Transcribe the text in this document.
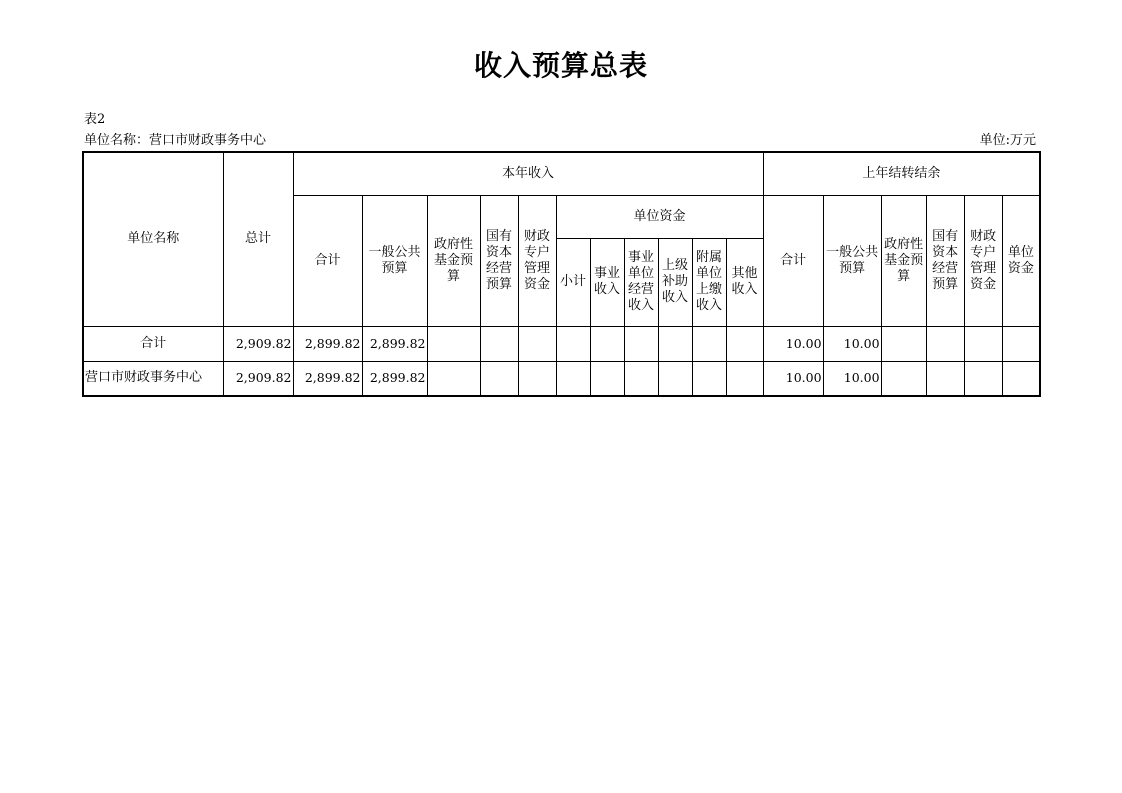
收入预算总表
表2
单位名称：营口市财政事务中心	单位:万元
单位名称	总计	本年收入											上年结转结余					
		合计	一般公共预算	政府性基金预算	国有资本经营预算	财政专户管理资金	单位资金						合计	一般公共预算	政府性基金预算	国有资本经营预算	财政专户管理资金	单位资金
							小计	事业收入	事业单位经营收入	上级补助收入	附属单位上缴收入	其他收入						
合计	2,909.82	2,899.82	2,899.82										10.00	10.00				
营口市财政事务中心	2,909.82	2,899.82	2,899.82										10.00	10.00				
